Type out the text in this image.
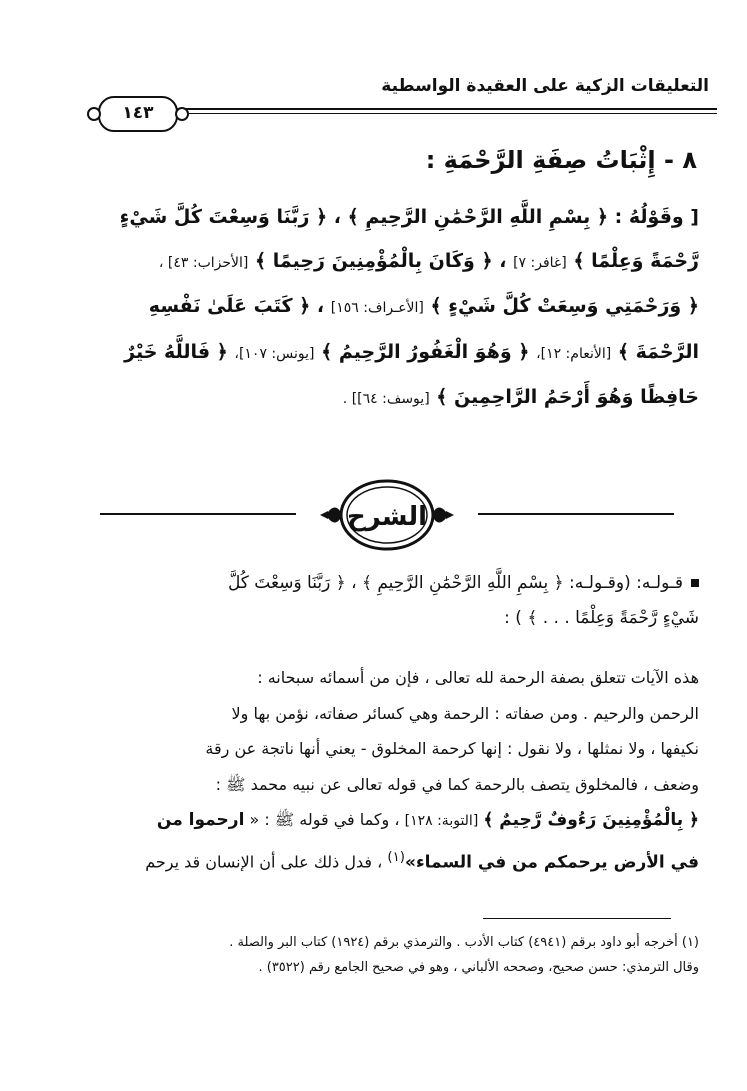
التعليقات الزكية على العقيدة الواسطية
١٤٣
٨ - إِثْبَاتُ صِفَةِ الرَّحْمَةِ :

[ وقَوْلُهُ : ﴿ بِسْمِ اللَّهِ الرَّحْمَٰنِ الرَّحِيمِ ﴾ ، ﴿ رَبَّنَا وَسِعْتَ كُلَّ شَيْءٍ

رَّحْمَةً وَعِلْمًا ﴾ [غافر: ٧] ، ﴿ وَكَانَ بِالْمُؤْمِنِينَ رَحِيمًا ﴾ [الأحزاب: ٤٣] ،

﴿ وَرَحْمَتِي وَسِعَتْ كُلَّ شَيْءٍ ﴾ [الأعـراف: ١٥٦] ، ﴿ كَتَبَ عَلَىٰ نَفْسِهِ

الرَّحْمَةَ ﴾ [الأنعام: ١٢]، ﴿ وَهُوَ الْغَفُورُ الرَّحِيمُ ﴾ [يونس: ١٠٧]، ﴿ فَاللَّهُ خَيْرٌ

حَافِظًا وَهُوَ أَرْحَمُ الرَّاحِمِينَ ﴾ [يوسف: ٦٤]] .

الشرح

قـولـه: (وقـولـه: ﴿ بِسْمِ اللَّهِ الرَّحْمَٰنِ الرَّحِيمِ ﴾ ، ﴿ رَبَّنَا وَسِعْتَ كُلَّ

شَيْءٍ رَّحْمَةً وَعِلْمًا . . . ﴾ ) :

هذه الآيات تتعلق بصفة الرحمة لله تعالى ، فإن من أسمائه سبحانه :

الرحمن والرحيم . ومن صفاته : الرحمة وهي كسائر صفاته، نؤمن بها ولا

نكيفها ، ولا نمثلها ، ولا نقول : إنها كرحمة المخلوق - يعني أنها ناتجة عن رقة

وضعف ، فالمخلوق يتصف بالرحمة كما في قوله تعالى عن نبيه محمد ﷺ :

﴿ بِالْمُؤْمِنِينَ رَءُوفٌ رَّحِيمٌ ﴾ [التوبة: ١٢٨] ، وكما في قوله ﷺ : « ارحموا من

في الأرض يرحمكم من في السماء»$^{(١)}$ ، فدل ذلك على أن الإنسان قد يرحم

(١) أخرجه أبو داود برقم (٤٩٤١) كتاب الأدب . والترمذي برقم (١٩٢٤) كتاب البر والصلة .

وقال الترمذي: حسن صحيح، وصححه الألباني ، وهو في صحيح الجامع رقم (٣٥٢٢) .
